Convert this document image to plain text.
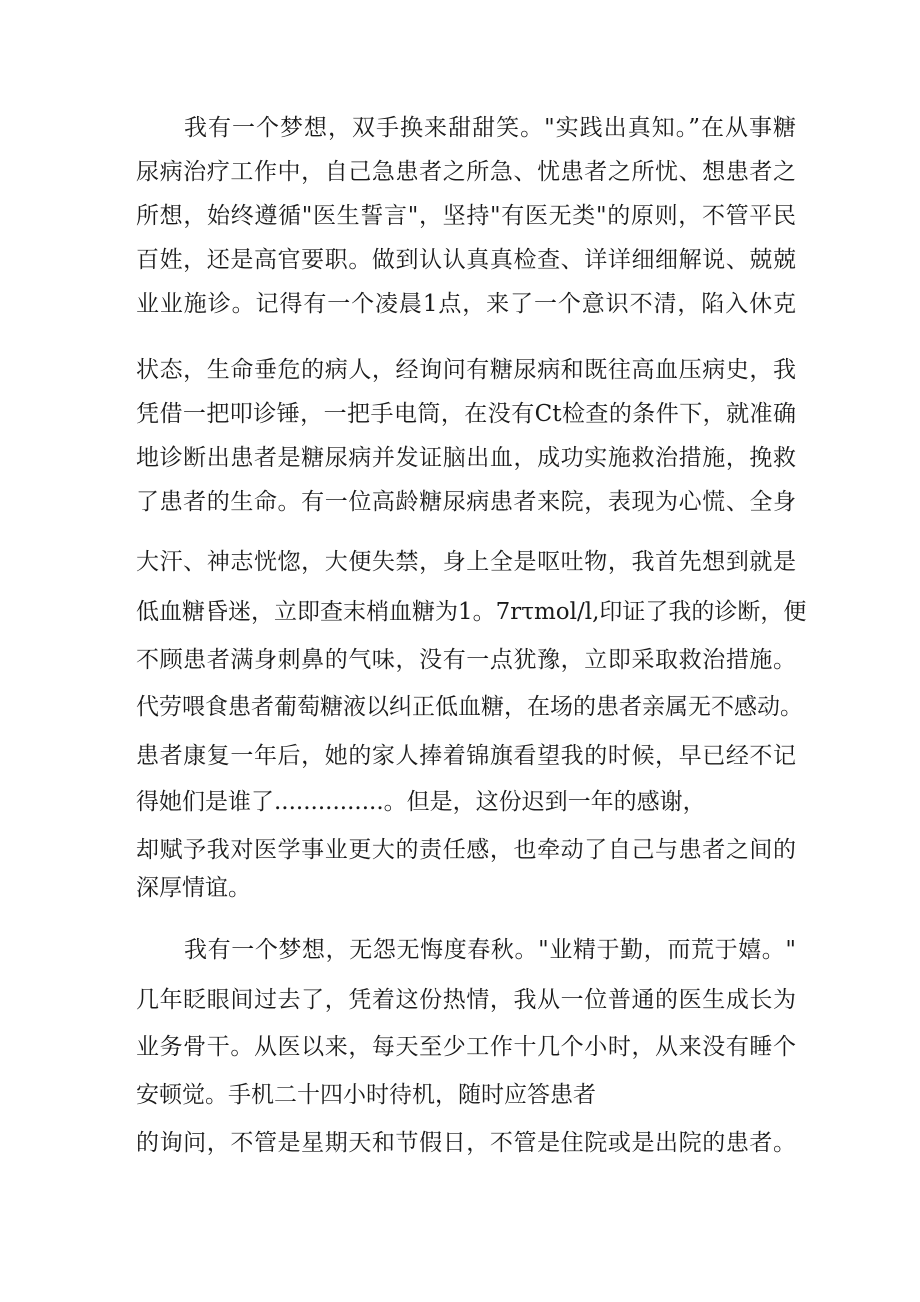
我有一个梦想，双手换来甜甜笑。"实践出真知。”在从事糖
尿病治疗工作中，自己急患者之所急、忧患者之所忧、想患者之
所想，始终遵循"医生誓言"，坚持"有医无类"的原则，不管平民
百姓，还是高官要职。做到认认真真检查、详详细细解说、兢兢
业业施诊。记得有一个凌晨1点，来了一个意识不清，陷入休克
状态，生命垂危的病人，经询问有糖尿病和既往高血压病史，我
凭借一把叩诊锤，一把手电筒，在没有Ct检查的条件下，就准确
地诊断出患者是糖尿病并发证脑出血，成功实施救治措施，挽救
了患者的生命。有一位高龄糖尿病患者来院，表现为心慌、全身
大汗、神志恍惚，大便失禁，身上全是呕吐物，我首先想到就是
低血糖昏迷，立即查末梢血糖为1。7rτmol/l,印证了我的诊断，便
不顾患者满身刺鼻的气味，没有一点犹豫，立即采取救治措施。
代劳喂食患者葡萄糖液以纠正低血糖，在场的患者亲属无不感动。
患者康复一年后，她的家人捧着锦旗看望我的时候，早已经不记
得她们是谁了...............。但是，这份迟到一年的感谢，
却赋予我对医学事业更大的责任感，也牵动了自己与患者之间的
深厚情谊。
我有一个梦想，无怨无悔度春秋。"业精于勤，而荒于嬉。"
几年眨眼间过去了，凭着这份热情，我从一位普通的医生成长为
业务骨干。从医以来，每天至少工作十几个小时，从来没有睡个
安顿觉。手机二十四小时待机，随时应答患者
的询问，不管是星期天和节假日，不管是住院或是出院的患者。
